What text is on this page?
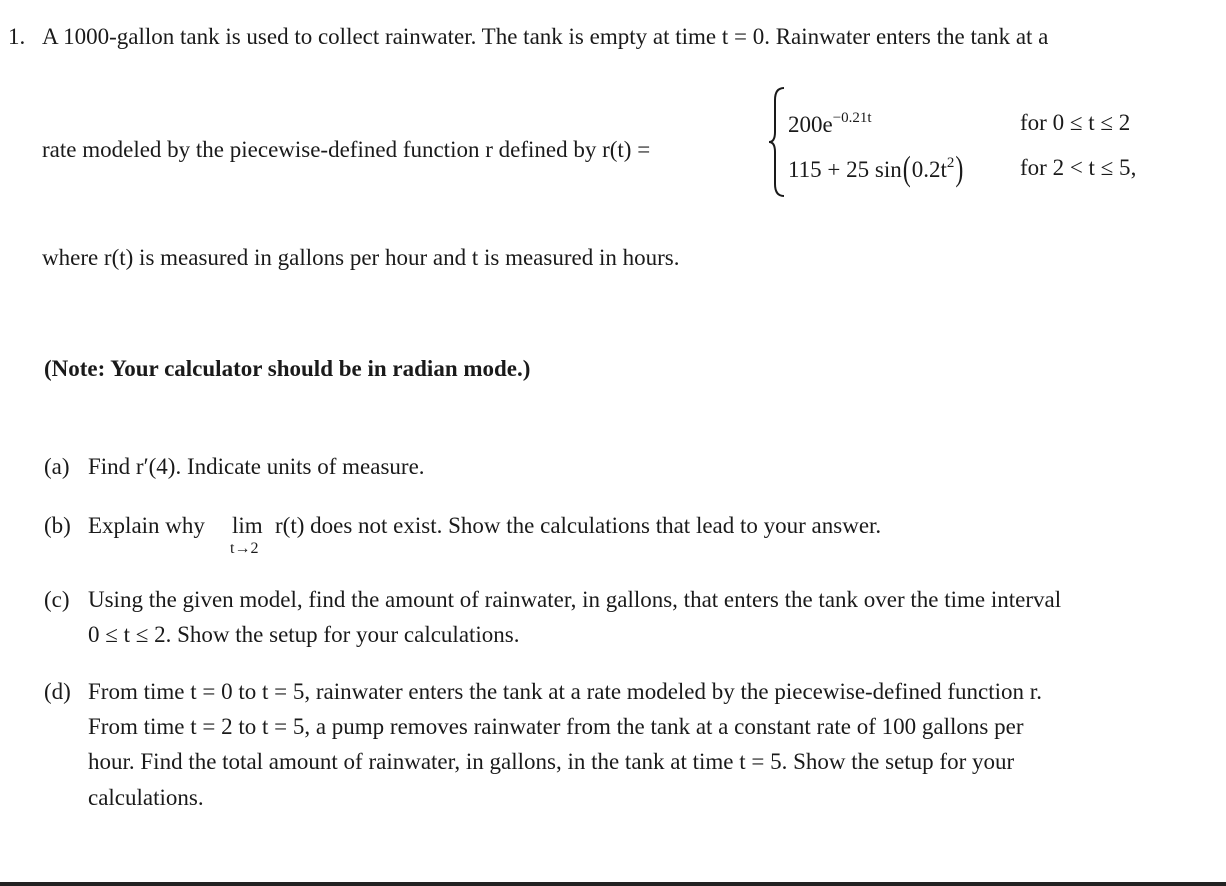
1. A 1000-gallon tank is used to collect rainwater. The tank is empty at time t = 0. Rainwater enters the tank at a
rate modeled by the piecewise-defined function r defined by r(t) =
$200e^{-0.21t}$	for 0 ≤ t ≤ 2
115 + 25 $\sin(0.2t^2)$ for 2 < t ≤ 5,
where r(t) is measured in gallons per hour and t is measured in hours.
(Note: Your calculator should be in radian mode.)
(a) Find r′(4). Indicate units of measure.
(b) Explain why lim
t→2
r(t) does not exist. Show the calculations that lead to your answer.
(c) Using the given model, find the amount of rainwater, in gallons, that enters the tank over the time interval
0 ≤ t ≤ 2. Show the setup for your calculations.
(d) From time t = 0 to t = 5, rainwater enters the tank at a rate modeled by the piecewise-defined function r.
From time t = 2 to t = 5, a pump removes rainwater from the tank at a constant rate of 100 gallons per
hour. Find the total amount of rainwater, in gallons, in the tank at time t = 5. Show the setup for your
calculations.
